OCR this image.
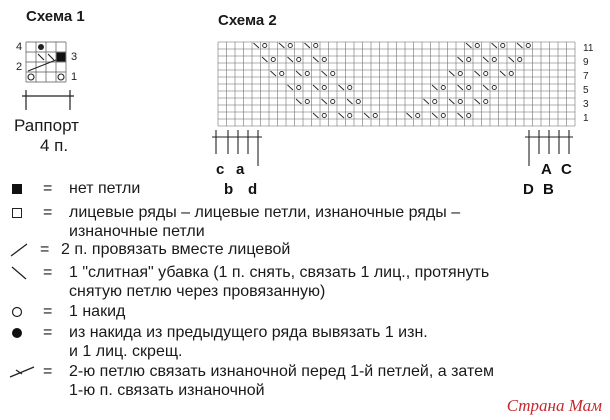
Схема 1	Схема 2
4
2
3
1
Раппорт
4 п.
11
9
7
5
3
1
c a
b d
A C
D B
= нет петли
= лицевые ряды – лицевые петли, изнаночные ряды –
изнаночные петли
= 2 п. провязать вместе лицевой
= 1 "слитная" убавка (1 п. снять, связать 1 лиц., протянуть
снятую петлю через провязанную)
= 1 накид
= из накида из предыдущего ряда вывязать 1 изн.
и 1 лиц. скрещ.
= 2-ю петлю связать изнаночной перед 1-й петлей, а затем
1-ю п. связать изнаночной
Страна Мам
